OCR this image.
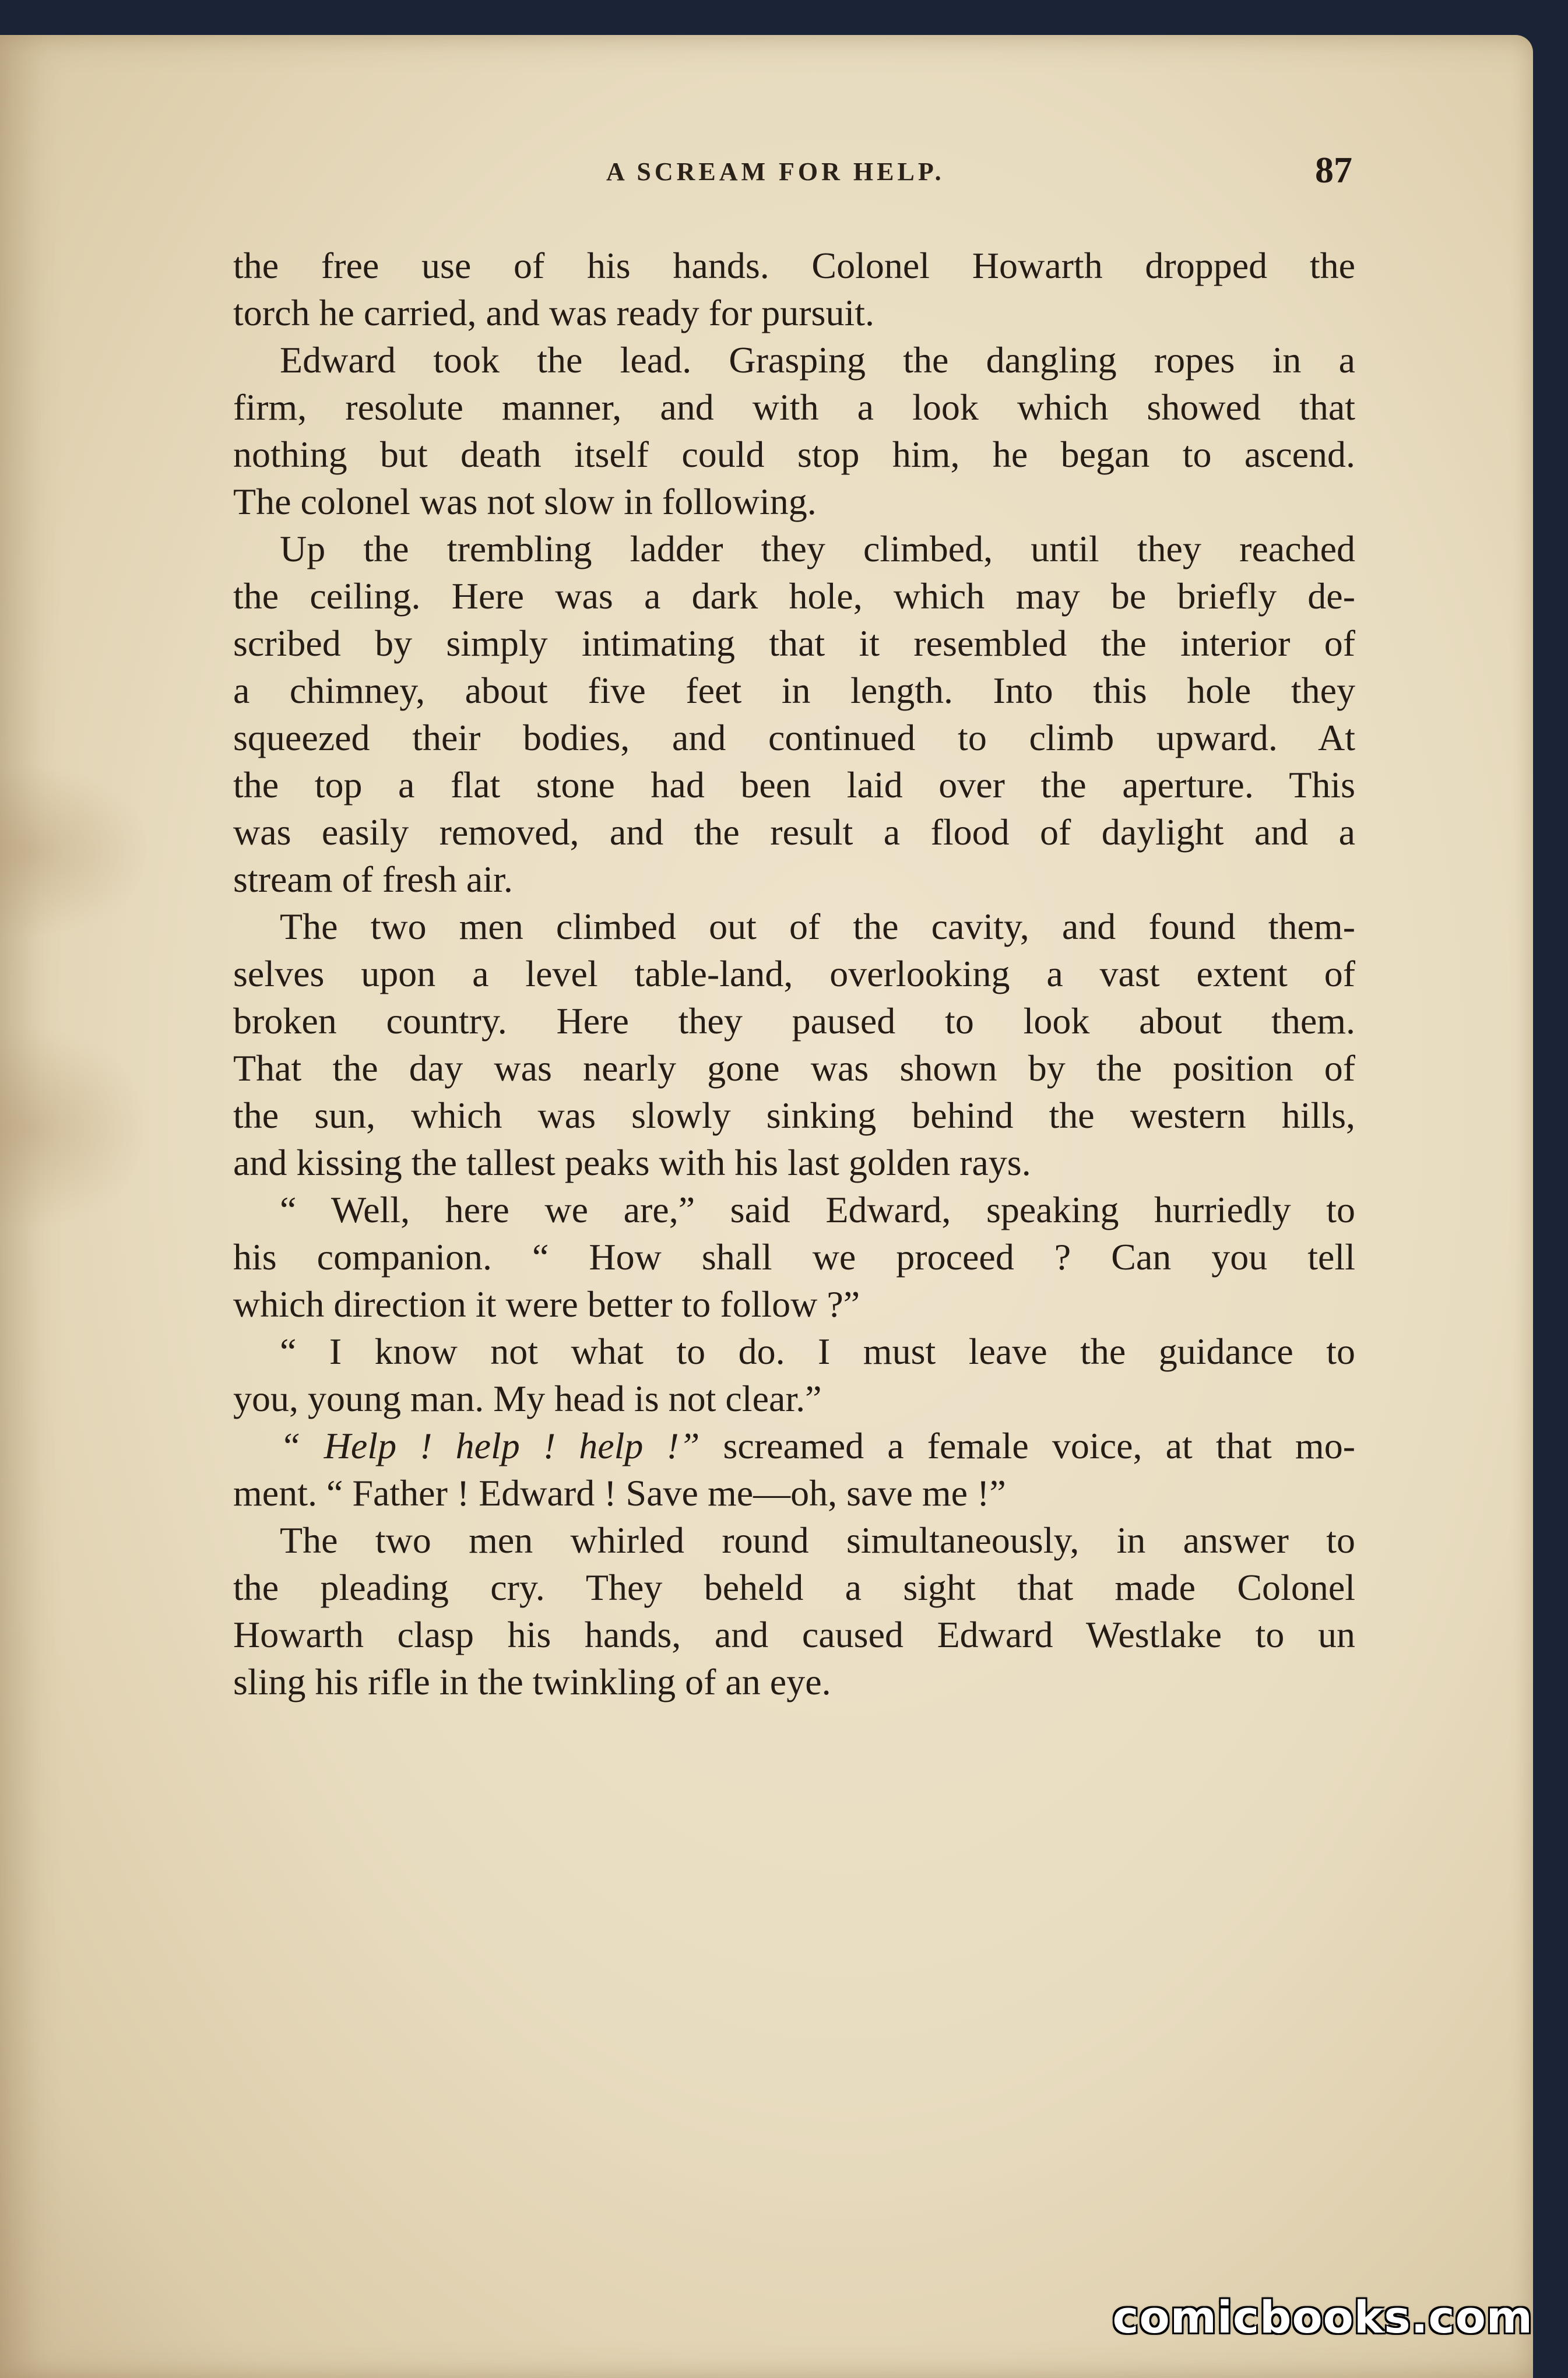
A SCREAM FOR HELP.	87
the free use of his hands. Colonel Howarth dropped the
torch he carried, and was ready for pursuit.
Edward took the lead. Grasping the dangling ropes in a
firm, resolute manner, and with a look which showed that
nothing but death itself could stop him, he began to ascend.
The colonel was not slow in following.
Up the trembling ladder they climbed, until they reached
the ceiling. Here was a dark hole, which may be briefly de-
scribed by simply intimating that it resembled the interior of
a chimney, about five feet in length. Into this hole they
squeezed their bodies, and continued to climb upward. At
the top a flat stone had been laid over the aperture. This
was easily removed, and the result a flood of daylight and a
stream of fresh air.
The two men climbed out of the cavity, and found them-
selves upon a level table-land, overlooking a vast extent of
broken country. Here they paused to look about them.
That the day was nearly gone was shown by the position of
the sun, which was slowly sinking behind the western hills,
and kissing the tallest peaks with his last golden rays.
“ Well, here we are,” said Edward, speaking hurriedly to
his companion. “ How shall we proceed ? Can you tell
which direction it were better to follow ?”
“ I know not what to do. I must leave the guidance to
you, young man. My head is not clear.”
“ Help ! help ! help !” screamed a female voice, at that mo-
ment. “ Father ! Edward ! Save me—oh, save me !”
The two men whirled round simultaneously, in answer to
the pleading cry. They beheld a sight that made Colonel
Howarth clasp his hands, and caused Edward Westlake to un
sling his rifle in the twinkling of an eye.
comicbooks.com
